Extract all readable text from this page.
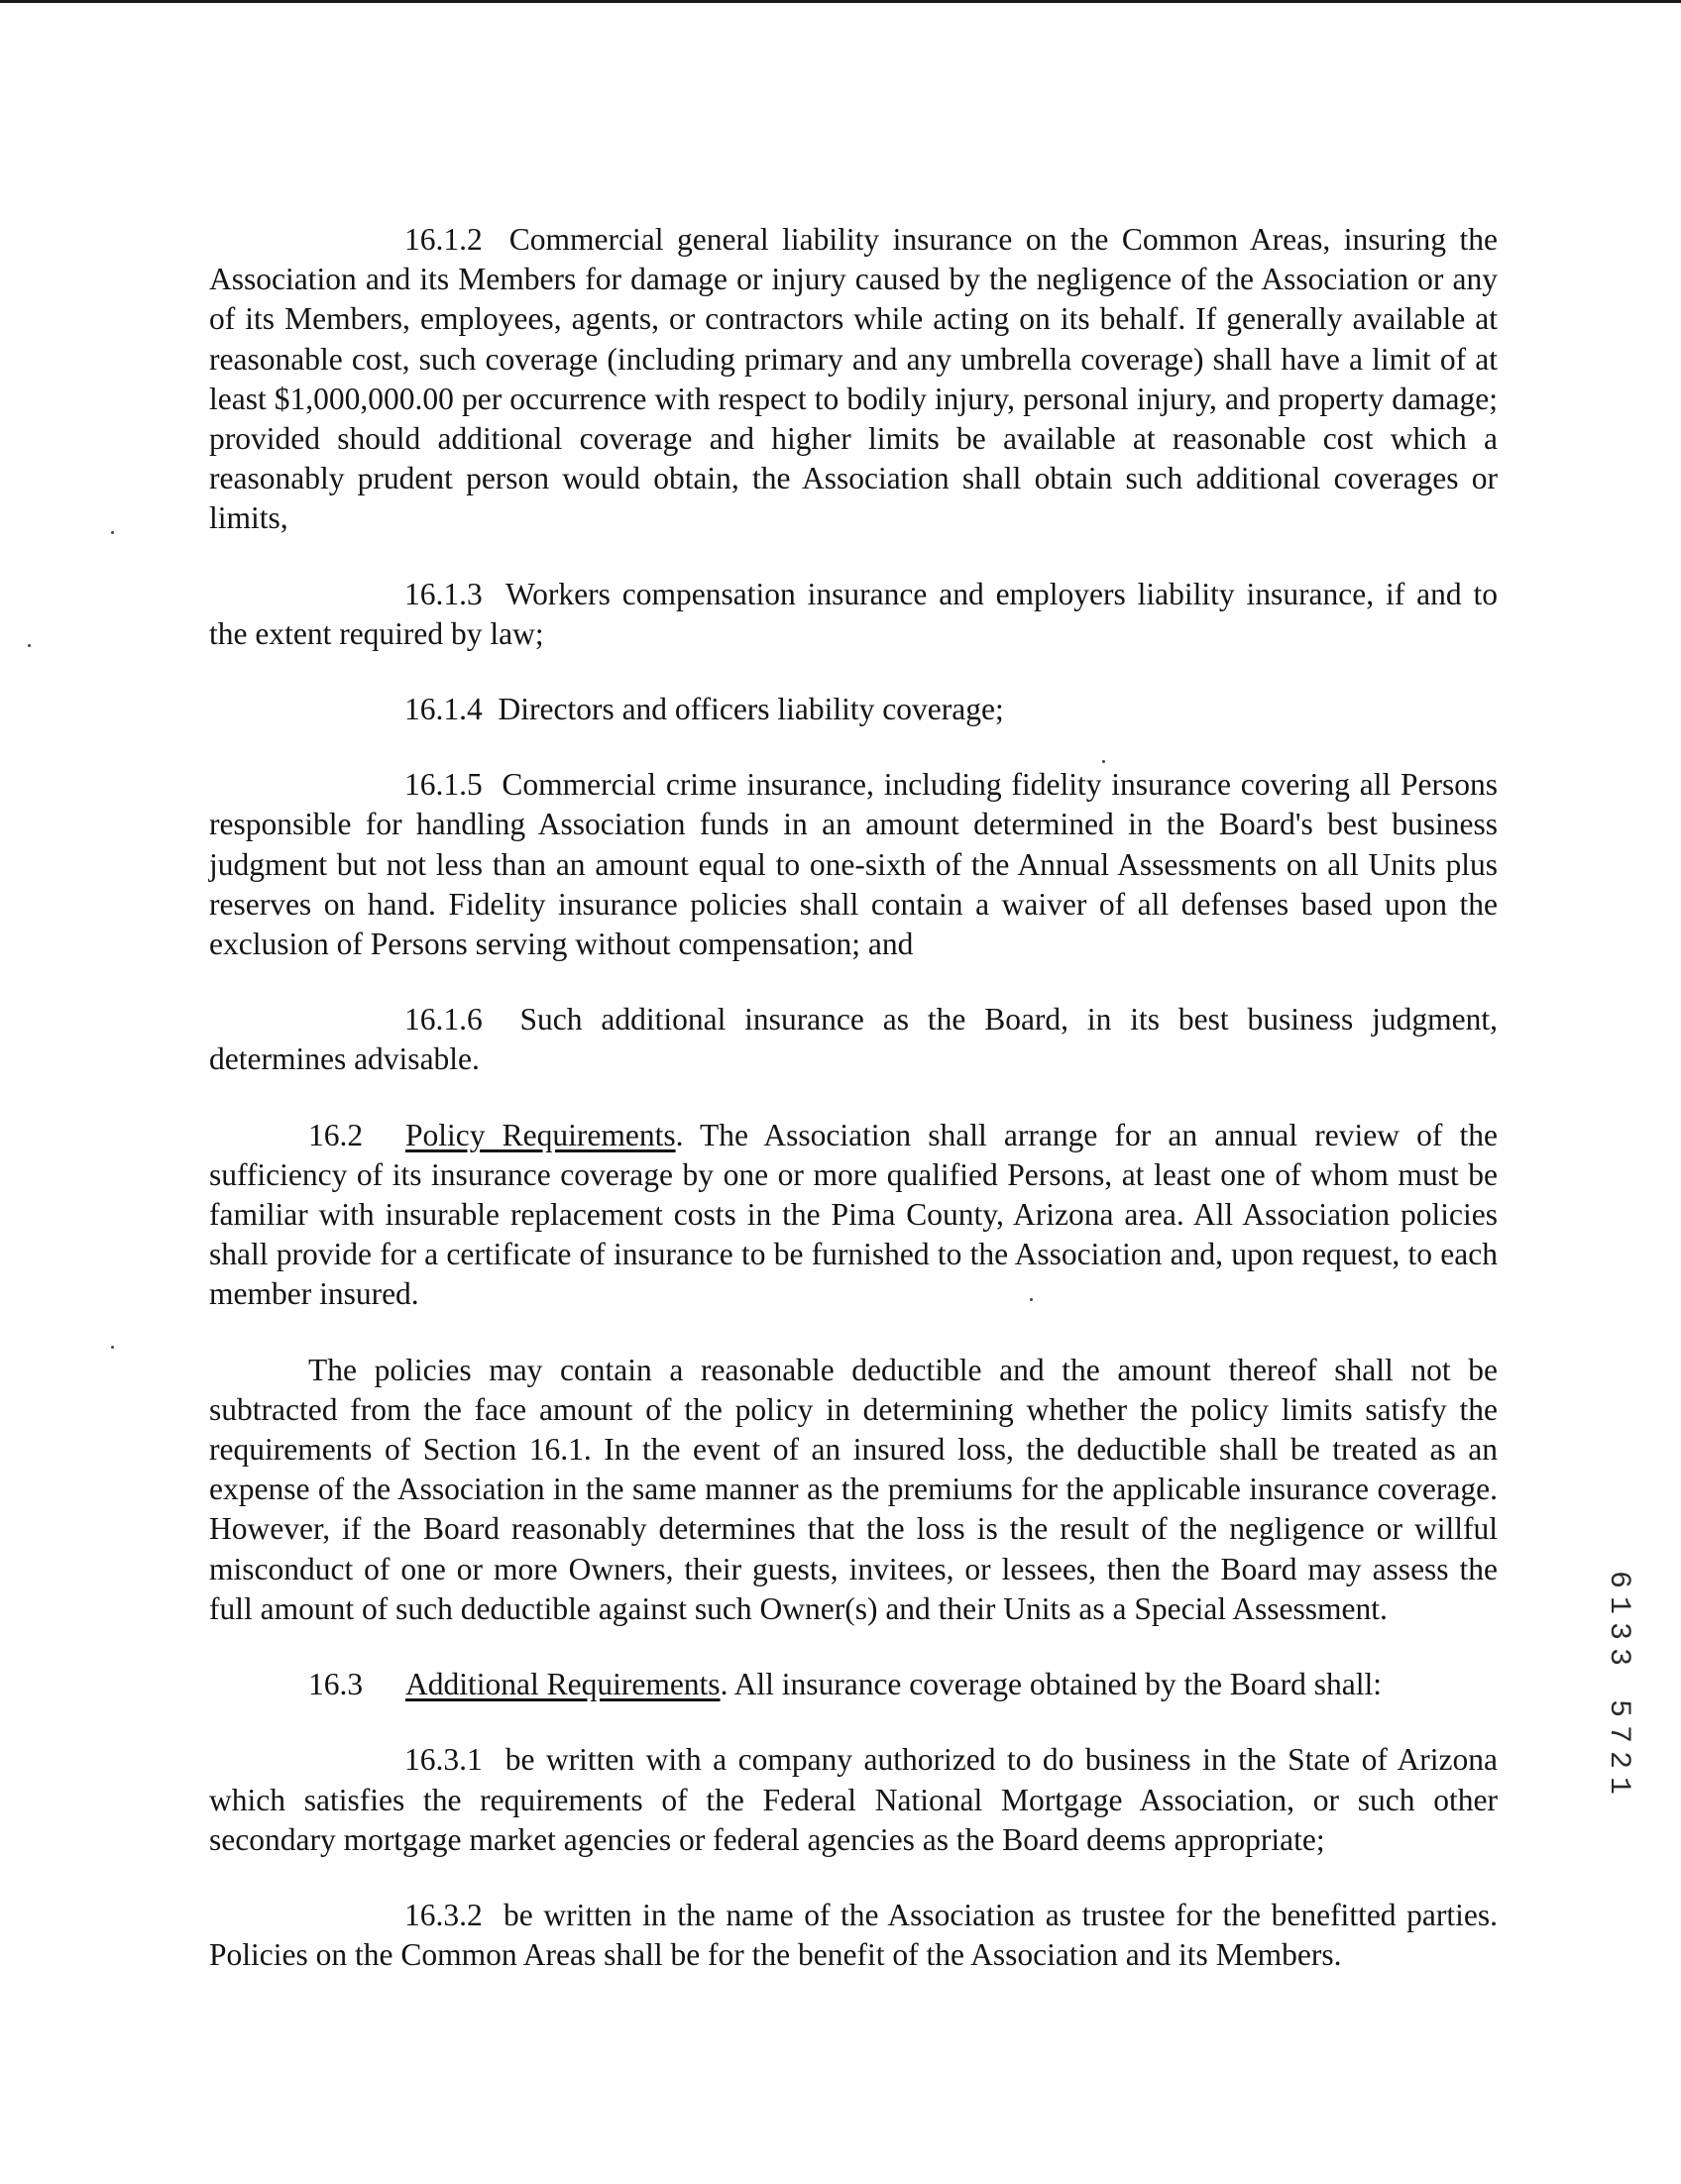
16.1.2 Commercial general liability insurance on the Common Areas, insuring the Association and its Members for damage or injury caused by the negligence of the Association or any of its Members, employees, agents, or contractors while acting on its behalf. If generally available at reasonable cost, such coverage (including primary and any umbrella coverage) shall have a limit of at least $1,000,000.00 per occurrence with respect to bodily injury, personal injury, and property damage; provided should additional coverage and higher limits be available at reasonable cost which a reasonably prudent person would obtain, the Association shall obtain such additional coverages or limits,

16.1.3 Workers compensation insurance and employers liability insurance, if and to the extent required by law;

16.1.4 Directors and officers liability coverage;

16.1.5 Commercial crime insurance, including fidelity insurance covering all Persons responsible for handling Association funds in an amount determined in the Board's best business judgment but not less than an amount equal to one-sixth of the Annual Assessments on all Units plus reserves on hand. Fidelity insurance policies shall contain a waiver of all defenses based upon the exclusion of Persons serving without compensation; and

16.1.6 Such additional insurance as the Board, in its best business judgment, determines advisable.

16.2 Policy Requirements. The Association shall arrange for an annual review of the sufficiency of its insurance coverage by one or more qualified Persons, at least one of whom must be familiar with insurable replacement costs in the Pima County, Arizona area. All Association policies shall provide for a certificate of insurance to be furnished to the Association and, upon request, to each member insured.

The policies may contain a reasonable deductible and the amount thereof shall not be subtracted from the face amount of the policy in determining whether the policy limits satisfy the requirements of Section 16.1. In the event of an insured loss, the deductible shall be treated as an expense of the Association in the same manner as the premiums for the applicable insurance coverage. However, if the Board reasonably determines that the loss is the result of the negligence or willful misconduct of one or more Owners, their guests, invitees, or lessees, then the Board may assess the full amount of such deductible against such Owner(s) and their Units as a Special Assessment.

16.3 Additional Requirements. All insurance coverage obtained by the Board shall:

16.3.1 be written with a company authorized to do business in the State of Arizona which satisfies the requirements of the Federal National Mortgage Association, or such other secondary mortgage market agencies or federal agencies as the Board deems appropriate;

16.3.2 be written in the name of the Association as trustee for the benefitted parties. Policies on the Common Areas shall be for the benefit of the Association and its Members.

6133 5721
